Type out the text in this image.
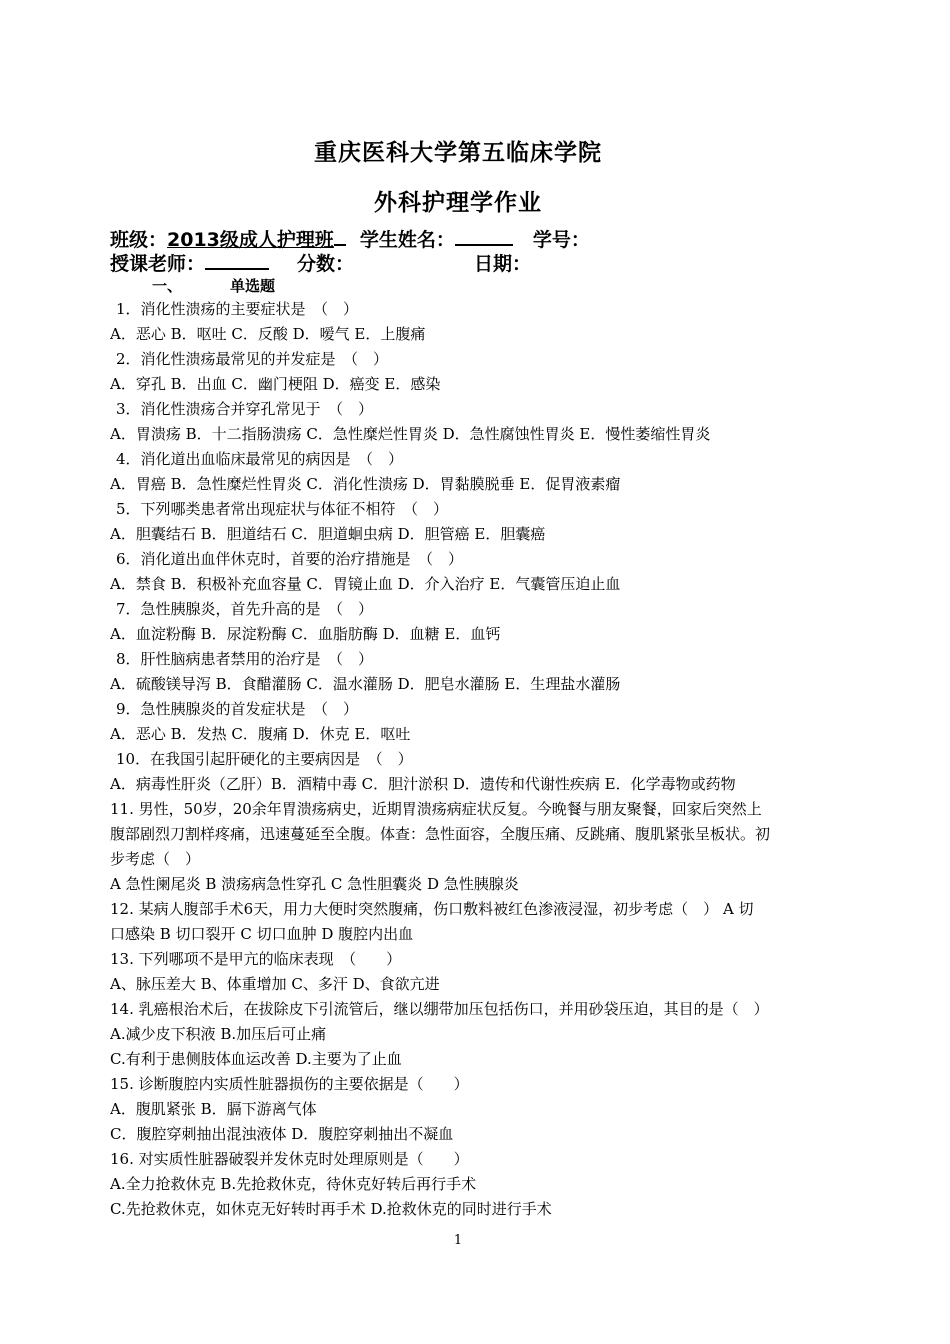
重庆医科大学第五临床学院
外科护理学作业
班级：2013级成人护理班 学生姓名：	学号：
授课老师：	分数：	日期：
一、	单选题
1．消化性溃疡的主要症状是　（　）
A．恶心 B．呕吐 C．反酸 D．嗳气 E．上腹痛
2．消化性溃疡最常见的并发症是　（　）
A．穿孔 B．出血 C．幽门梗阻 D．癌变 E．感染
3．消化性溃疡合并穿孔常见于　（　）
A．胃溃疡 B．十二指肠溃疡 C．急性糜烂性胃炎 D．急性腐蚀性胃炎 E．慢性萎缩性胃炎
4．消化道出血临床最常见的病因是　（　）
A．胃癌 B．急性糜烂性胃炎 C．消化性溃疡 D．胃黏膜脱垂 E．促胃液素瘤
5．下列哪类患者常出现症状与体征不相符　（　）
A．胆囊结石 B．胆道结石 C．胆道蛔虫病 D．胆管癌 E．胆囊癌
6．消化道出血伴休克时，首要的治疗措施是　（　）
A．禁食 B．积极补充血容量 C．胃镜止血 D．介入治疗 E．气囊管压迫止血
7．急性胰腺炎，首先升高的是　（　）
A．血淀粉酶 B．尿淀粉酶 C．血脂肪酶 D．血糖 E．血钙
8．肝性脑病患者禁用的治疗是　（　）
A．硫酸镁导泻 B．食醋灌肠 C．温水灌肠 D．肥皂水灌肠 E．生理盐水灌肠
9．急性胰腺炎的首发症状是　（　）
A．恶心 B．发热 C．腹痛 D．休克 E．呕吐
10．在我国引起肝硬化的主要病因是　（　）
A．病毒性肝炎（乙肝）B．酒精中毒 C．胆汁淤积 D．遗传和代谢性疾病 E．化学毒物或药物
11. 男性，50岁，20余年胃溃疡病史，近期胃溃疡病症状反复。今晚餐与朋友聚餐，回家后突然上
腹部剧烈刀割样疼痛，迅速蔓延至全腹。体查：急性面容，全腹压痛、反跳痛、腹肌紧张呈板状。初
步考虑（　）
A 急性阑尾炎 B 溃疡病急性穿孔 C 急性胆囊炎 D 急性胰腺炎
12. 某病人腹部手术6天，用力大便时突然腹痛，伤口敷料被红色渗液浸湿，初步考虑（　） A 切
口感染 B 切口裂开 C 切口血肿 D 腹腔内出血
13. 下列哪项不是甲亢的临床表现　（　　）
A、脉压差大 B、体重增加 C、多汗 D、食欲亢进
14. 乳癌根治术后，在拔除皮下引流管后，继以绷带加压包括伤口，并用砂袋压迫，其目的是（　）
A.减少皮下积液 B.加压后可止痛
C.有利于患侧肢体血运改善 D.主要为了止血
15. 诊断腹腔内实质性脏器损伤的主要依据是（　　）
A．腹肌紧张 B．膈下游离气体
C．腹腔穿刺抽出混浊液体 D．腹腔穿刺抽出不凝血
16. 对实质性脏器破裂并发休克时处理原则是（　　）
A.全力抢救休克 B.先抢救休克，待休克好转后再行手术
C.先抢救休克，如休克无好转时再手术 D.抢救休克的同时进行手术
1
